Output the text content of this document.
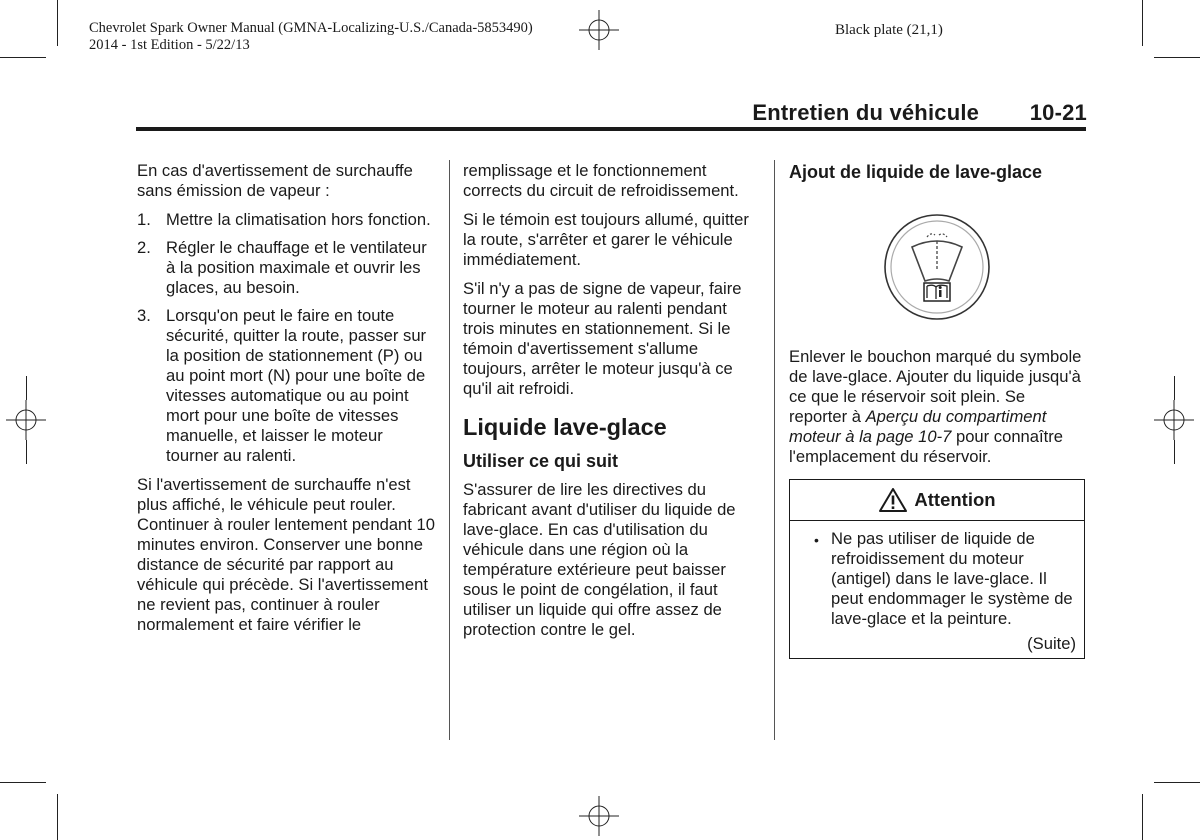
Chevrolet Spark Owner Manual (GMNA-Localizing-U.S./Canada-5853490)
2014 - 1st Edition - 5/22/13
Black plate (21,1)
Entretien du véhicule 10-21

En cas d'avertissement de surchauffe sans émission de vapeur :

1. Mettre la climatisation hors fonction.
2. Régler le chauffage et le ventilateur à la position maximale et ouvrir les glaces, au besoin.
3. Lorsqu'on peut le faire en toute sécurité, quitter la route, passer sur la position de stationnement (P) ou au point mort (N) pour une boîte de vitesses automatique ou au point mort pour une boîte de vitesses manuelle, et laisser le moteur tourner au ralenti.

Si l'avertissement de surchauffe n'est plus affiché, le véhicule peut rouler. Continuer à rouler lentement pendant 10 minutes environ. Conserver une bonne distance de sécurité par rapport au véhicule qui précède. Si l'avertissement ne revient pas, continuer à rouler normalement et faire vérifier le

remplissage et le fonctionnement corrects du circuit de refroidissement.

Si le témoin est toujours allumé, quitter la route, s'arrêter et garer le véhicule immédiatement.

S'il n'y a pas de signe de vapeur, faire tourner le moteur au ralenti pendant trois minutes en stationnement. Si le témoin d'avertissement s'allume toujours, arrêter le moteur jusqu'à ce qu'il ait refroidi.

Liquide lave-glace
Utiliser ce qui suit

S'assurer de lire les directives du fabricant avant d'utiliser du liquide de lave-glace. En cas d'utilisation du véhicule dans une région où la température extérieure peut baisser sous le point de congélation, il faut utiliser un liquide qui offre assez de protection contre le gel.

Ajout de liquide de lave-glace

Enlever le bouchon marqué du symbole de lave-glace. Ajouter du liquide jusqu'à ce que le réservoir soit plein. Se reporter à Aperçu du compartiment moteur à la page 10-7 pour connaître l'emplacement du réservoir.

Attention
• Ne pas utiliser de liquide de refroidissement du moteur (antigel) dans le lave-glace. Il peut endommager le système de lave-glace et la peinture.
(Suite)
